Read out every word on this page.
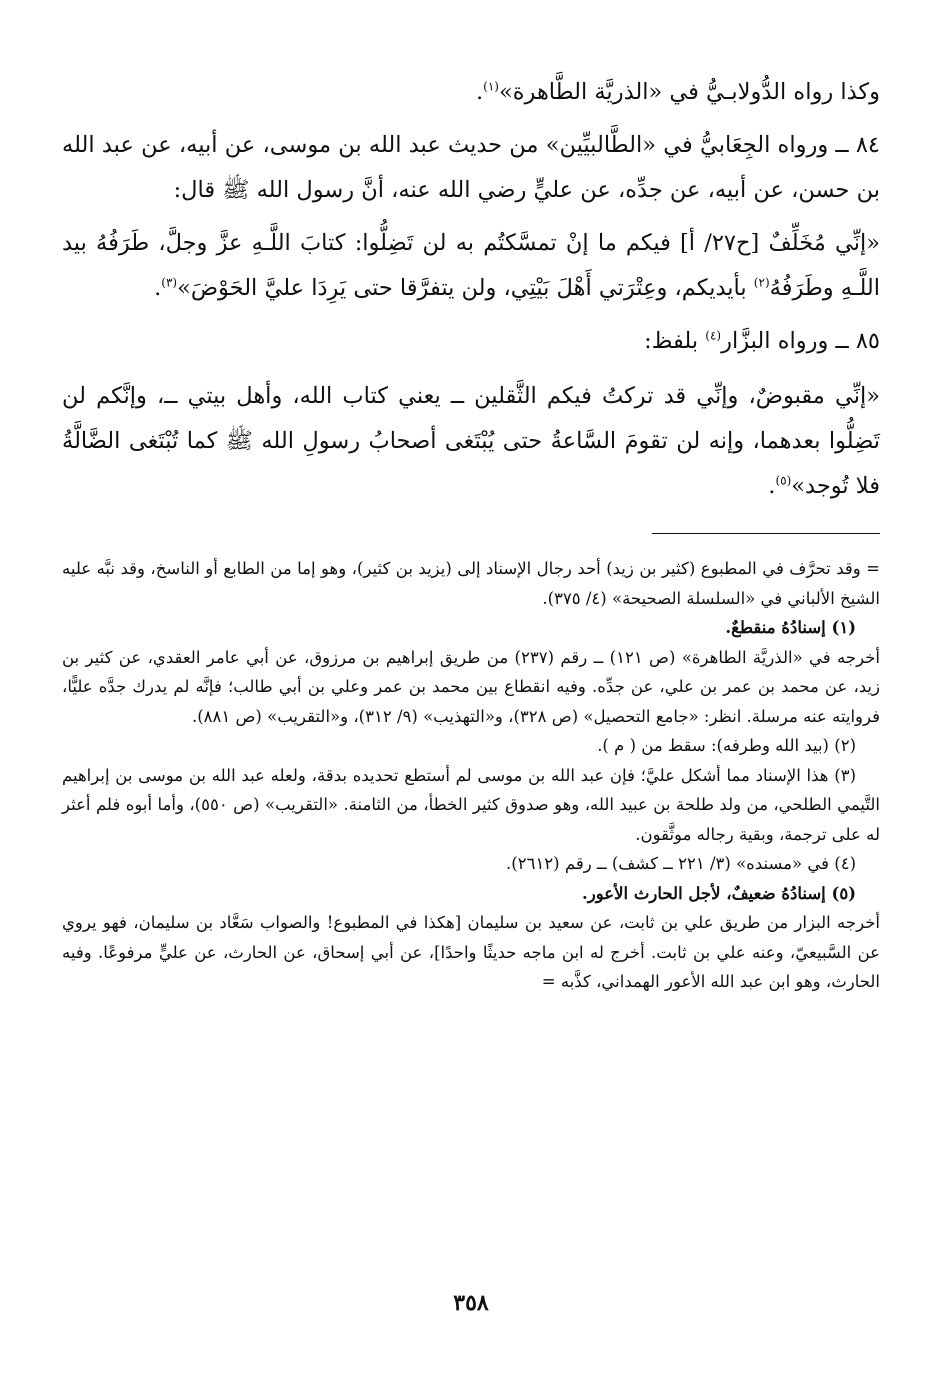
وكذا رواه الدُّولابـيُّ في «الذريَّة الطَّاهرة»$^{(١)}$.

٨٤ ــ ورواه الجِعَابيُّ في «الطَّالبيِّين» من حديث عبد الله بن موسى، عن أبيه، عن عبد الله بن حسن، عن أبيه، عن جدِّه، عن عليٍّ رضي الله عنه، أنَّ رسول الله ﷺ قال:

«إنِّي مُخَلِّفٌ [ح٢٧/ أ] فيكم ما إنْ تمسَّكتُم به لن تَضِلُّوا: كتابَ اللَّـهِ عزَّ وجلَّ، طَرَفُهُ بيد اللَّـهِ وطَرَفُهُ$^{(٢)}$ بأيديكم، وعِتْرَتي أَهْلَ بَيْتِي، ولن يتفرَّقا حتى يَرِدَا عليَّ الحَوْضَ»$^{(٣)}$.

٨٥ ــ ورواه البزَّار$^{(٤)}$ بلفظ:

«إنِّي مقبوضٌ، وإنِّي قد تركتُ فيكم الثَّقلين ــ يعني كتاب الله، وأهل بيتي ــ، وإنَّكم لن تَضِلُّوا بعدهما، وإنه لن تقومَ السَّاعةُ حتى يُبْتَغى أصحابُ رسولِ الله ﷺ كما تُبْتَغى الضَّالَّةُ فلا تُوجد»$^{(٥)}$.

= وقد تحرَّف في المطبوع (كثير بن زيد) أحد رجال الإسناد إلى (يزيد بن كثير)، وهو إما من الطابع أو الناسخ، وقد نبَّه عليه الشيخ الألباني في «السلسلة الصحيحة» (٤/ ٣٧٥).

(١) إسنادُهُ منقطعٌ.

أخرجه في «الذريَّة الطاهرة» (ص ١٢١) ــ رقم (٢٣٧) من طريق إبراهيم بن مرزوق، عن أبي عامر العقدي، عن كثير بن زيد، عن محمد بن عمر بن علي، عن جدِّه. وفيه انقطاع بين محمد بن عمر وعلي بن أبي طالب؛ فإنَّه لم يدرك جدَّه عليًّا، فروايته عنه مرسلة. انظر: «جامع التحصيل» (ص ٣٢٨)، و«التهذيب» (٩/ ٣١٢)، و«التقريب» (ص ٨٨١).

(٢) (بيد الله وطرفه): سقط من ( م ).

(٣) هذا الإسناد مما أشكل عليَّ؛ فإن عبد الله بن موسى لم أستطع تحديده بدقة، ولعله عبد الله بن موسى بن إبراهيم التَّيمي الطلحي، من ولد طلحة بن عبيد الله، وهو صدوق كثير الخطأ، من الثامنة. «التقريب» (ص ٥٥٠)، وأما أبوه فلم أعثر له على ترجمة، وبقية رجاله موثَّقون.

(٤) في «مسنده» (٣/ ٢٢١ ــ كشف) ــ رقم (٢٦١٢).

(٥) إسنادُهُ ضعيفٌ، لأجل الحارث الأعور.

أخرجه البزار من طريق علي بن ثابت، عن سعيد بن سليمان [هكذا في المطبوع! والصواب سَعَّاد بن سليمان، فهو يروي عن السَّبيعيّ، وعنه علي بن ثابت. أخرج له ابن ماجه حديثًا واحدًا]، عن أبي إسحاق، عن الحارث، عن عليٍّ مرفوعًا. وفيه الحارث، وهو ابن عبد الله الأعور الهمداني، كذَّبه =

٣٥٨
